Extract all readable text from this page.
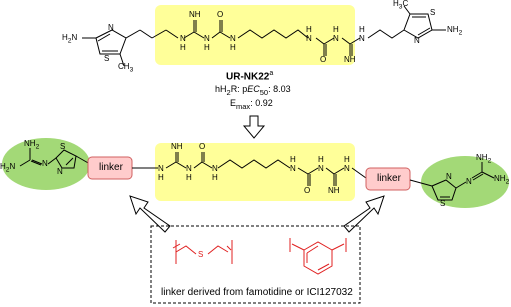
$H_2N$
N
S
$CH_3$
N
H
NH
N
H
O
N
H
N
H
O
N
H
NH
N
H
$H_3C$
S
N
$NH_2$
UR-NK22$^a$
$hH_2R$: pEC$_{50}$: 8.03
$E_{max}$: 0.92
$H_2N$
$NH_2$
N
S
N	linker	N
H
NH
N
H
O
N
H
N
H
O
N
H
NH
N
H
linker	N
S
N
$NH_2$
$NH_2$
S
linker derived from famotidine or ICI127032
